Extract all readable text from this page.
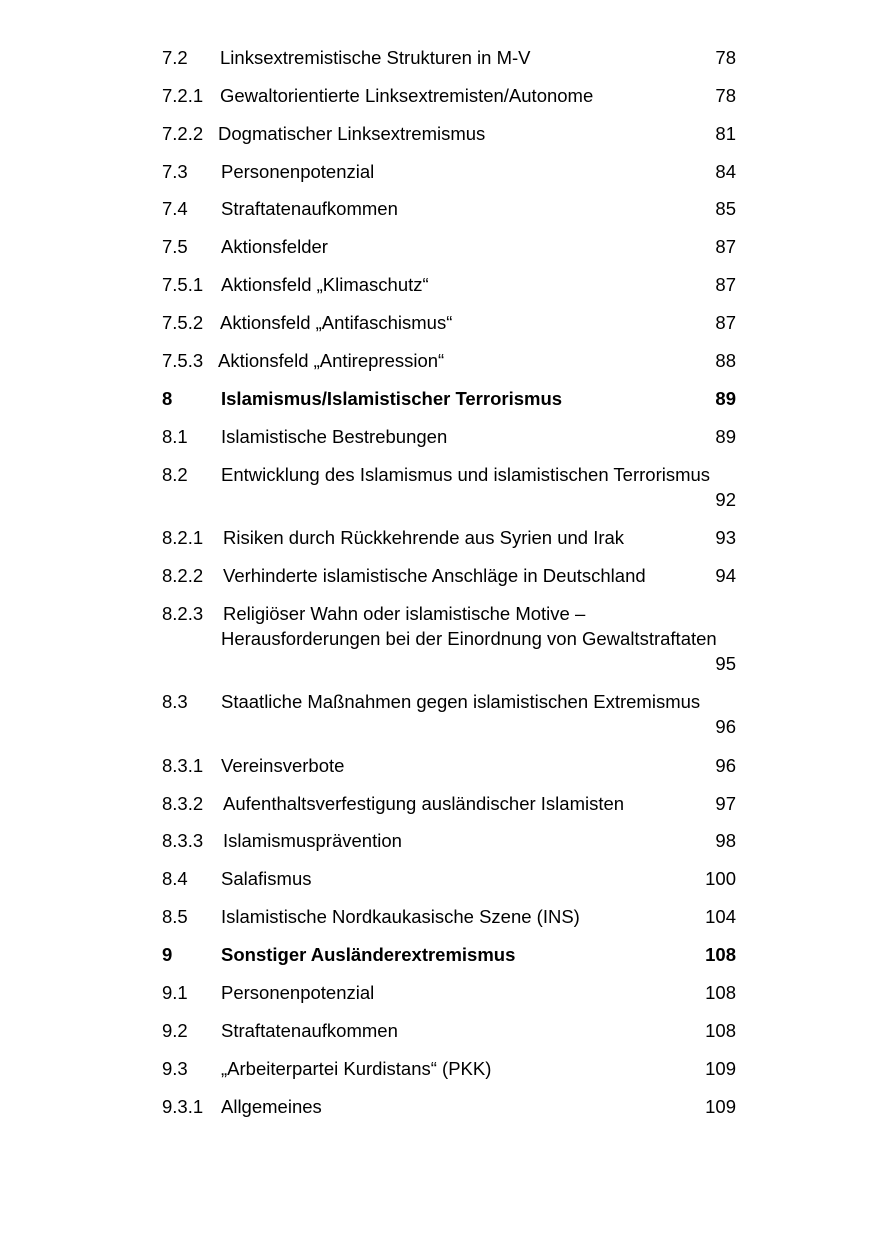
7.2 Linksextremistische Strukturen in M-V	78
7.2.1 Gewaltorientierte Linksextremisten/Autonome	78
7.2.2 Dogmatischer Linksextremismus	81
7.3 Personenpotenzial	84
7.4 Straftatenaufkommen	85
7.5 Aktionsfelder	87
7.5.1 Aktionsfeld „Klimaschutz“	87
7.5.2 Aktionsfeld „Antifaschismus“	87
7.5.3 Aktionsfeld „Antirepression“	88
8	Islamismus/Islamistischer Terrorismus	89
8.1 Islamistische Bestrebungen	89
8.2 Entwicklung des Islamismus und islamistischen Terrorismus
92
8.2.1 Risiken durch Rückkehrende aus Syrien und Irak	93
8.2.2 Verhinderte islamistische Anschläge in Deutschland	94
8.2.3 Religiöser Wahn oder islamistische Motive –
Herausforderungen bei der Einordnung von Gewaltstraftaten
95
8.3 Staatliche Maßnahmen gegen islamistischen Extremismus
96
8.3.1 Vereinsverbote	96
8.3.2 Aufenthaltsverfestigung ausländischer Islamisten	97
8.3.3 Islamismusprävention	98
8.4 Salafismus	100
8.5 Islamistische Nordkaukasische Szene (INS)	104
9	Sonstiger Ausländerextremismus	108
9.1 Personenpotenzial	108
9.2 Straftatenaufkommen	108
9.3 „Arbeiterpartei Kurdistans“ (PKK)	109
9.3.1 Allgemeines	109
